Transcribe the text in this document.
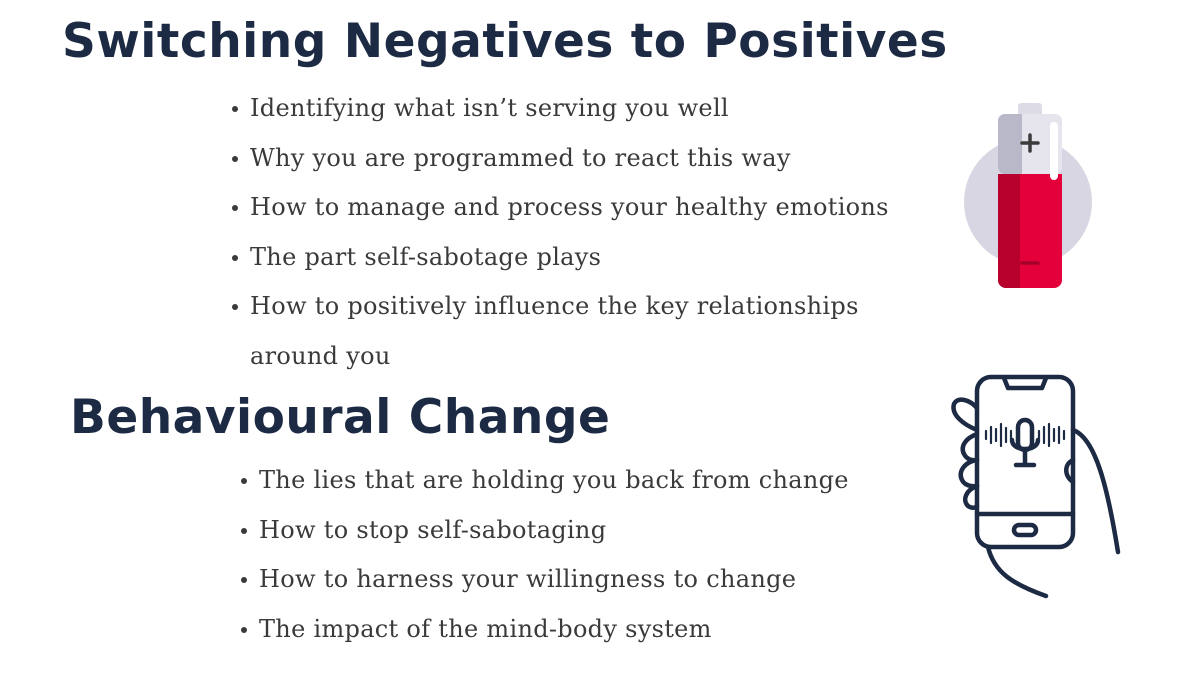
Switching Negatives to Positives
Identifying what isn’t serving you well
Why you are programmed to react this way
How to manage and process your healthy emotions
The part self-sabotage plays
How to positively influence the key relationships around you
Behavioural Change
The lies that are holding you back from change
How to stop self-sabotaging
How to harness your willingness to change
The impact of the mind-body system
